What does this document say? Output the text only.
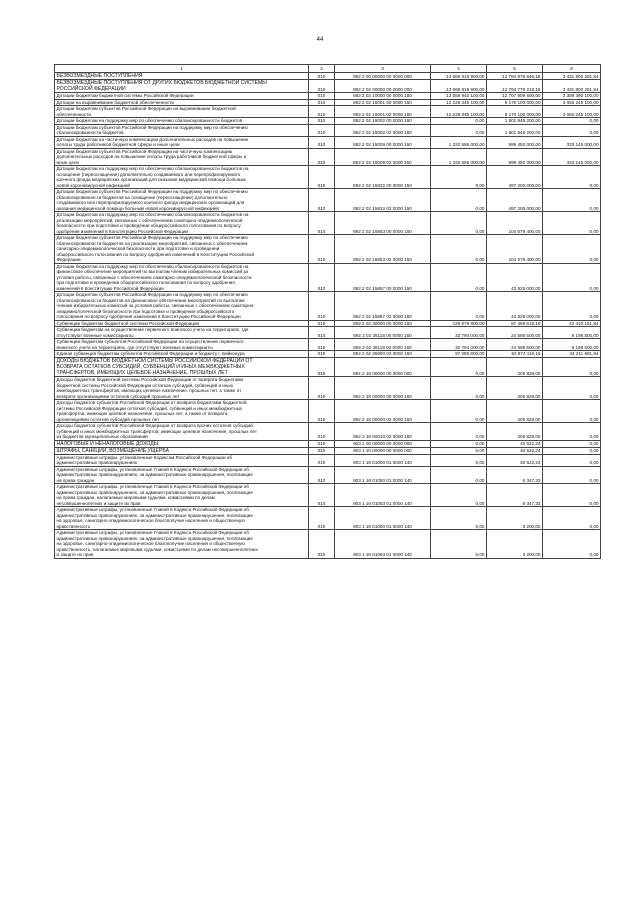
44
1	2	3	4	5	6
БЕЗВОЗМЕЗДНЫЕ ПОСТУПЛЕНИЯ	010	892 2 00 00000 00 0000 000	13 668 819 900,00	12 784 976 946,18	3 431 800 281,84
БЕЗВОЗМЕЗДНЫЕ ПОСТУПЛЕНИЯ ОТ ДРУГИХ БЮДЖЕТОВ БЮДЖЕТНОЙ СИСТЕМЫ
РОССИЙСКОЙ ФЕДЕРАЦИИ	010	892 2 02 00000 00 0000 000	13 668 819 900,00	12 794 770 218,18	3 431 800 281,84
Дотации бюджетам бюджетной системы Российской Федерации	010	892 2 02 10000 00 0000 150	13 558 940 100,00	12 707 909 600,00	3 389 390 100,00
Дотации на выравнивание бюджетной обеспеченности	010	892 2 02 15001 00 0000 150	12 226 345 100,00	9 170 100 000,00	3 056 245 100,00
Дотации бюджетам субъектов Российской Федерации на выравнивание бюджетной
обеспеченности	010	892 2 02 15001 02 0000 150	12 226 345 100,00	9 170 100 000,00	3 056 245 100,00
Дотации бюджетам на поддержку мер по обеспечению сбалансированности бюджетов	010	892 2 02 15002 00 0000 150	0,00	1 901 946 200,00	0,00
Дотации бюджетам субъектов Российской Федерации на поддержку мер по обеспечению
сбалансированности бюджетов	010	892 2 02 15002 02 0000 150	0,00	1 901 946 200,00	0,00
Дотации бюджетам на частичную компенсацию дополнительных расходов на повышение
оплаты труда работников бюджетной сферы и иные цели	010	892 2 02 15009 00 0000 150	1 332 595 000,00	999 450 000,00	333 145 000,00
Дотации бюджетам субъектов Российской Федерации на частичную компенсацию
дополнительных расходов на повышение оплаты труда работников бюджетной сферы и
иные цели	010	892 2 02 15009 02 0000 150	1 332 595 000,00	999 450 000,00	333 145 000,00
Дотации бюджетам на поддержку мер по обеспечению сбалансированности бюджетов на
оснащение (переоснащение) дополнительно создаваемого или перепрофилируемого
коечного фонда медицинских организаций для оказания медицинской помощи больным
новой коронавирусной инфекцией	010	892 2 02 15832 00 0000 150	0,00	497 200 000,00	0,00
Дотации бюджетам субъектов Российской Федерации на поддержку мер по обеспечению
сбалансированности бюджетов на оснащение (переоснащение) дополнительно
создаваемого или перепрофилируемого коечного фонда медицинских организаций для
оказания медицинской помощи больным новой коронавирусной инфекцией	010	892 2 02 15832 02 0000 150	0,00	497 200 000,00	0,00
Дотации бюджетам на поддержку мер по обеспечению сбалансированности бюджетов на
реализацию мероприятий, связанных с обеспечением санитарно-эпидемиологической
безопасности при подготовке и проведении общероссийского голосования по вопросу
одобрения изменений в Конституцию Российской Федерации	010	892 2 02 15853 00 0000 150	0,00	104 679 400,00	0,00
Дотации бюджетам субъектов Российской Федерации на поддержку мер по обеспечению
сбалансированности бюджетов на реализацию мероприятий, связанных с обеспечением
санитарно-эпидемиологической безопасности при подготовке и проведении
общероссийского голосования по вопросу одобрения изменений в Конституцию Российской
Федерации	010	892 2 02 15853 02 0000 150	0,00	104 679 400,00	0,00
Дотации бюджетам на поддержку мер по обеспечению сбалансированности бюджетов на
финансовое обеспечение мероприятий по выплатам членам избирательных комиссий за
условия работы, связанные с обеспечением санитарно-эпидемиологической безопасности
при подготовке и проведении общероссийского голосования по вопросу одобрения
изменений в Конституцию Российской Федерации	010	892 2 02 15857 00 0000 150	0,00	43 925 000,00	0,00
Дотации бюджетам субъектов Российской Федерации на поддержку мер по обеспечению
сбалансированности бюджетов на финансовое обеспечение мероприятий по выплатам
членам избирательных комиссий за условия работы, связанные с обеспечением санитарно-
эпидемиологической безопасности при подготовке и проведении общероссийского
голосования по вопросу одобрения изменений в Конституцию Российской Федерации	010	892 2 02 15857 02 0000 150	0,00	43 925 000,00	0,00
Субвенции бюджетам бюджетной системы Российской Федерации	010	892 2 02 30000 00 0000 150	129 879 800,00	87 469 618,16	42 410 181,84
Субвенции бюджетам на осуществление первичного воинского учета на территориях, где
отсутствуют военные комиссариаты	010	892 2 02 35118 00 0000 150	32 794 000,00	24 595 500,00	8 198 500,00
Субвенции бюджетам субъектов Российской Федерации на осуществление первичного
воинского учета на территориях, где отсутствуют военные комиссариаты	010	892 2 02 35118 02 0000 150	32 794 000,00	24 595 500,00	8 198 500,00
Единая субвенция бюджетам субъектов Российской Федерации и бюджету г. Байконура	010	892 2 02 35900 02 0000 150	97 085 800,00	62 874 118,16	34 211 681,84
ДОХОДЫ БЮДЖЕТОВ БЮДЖЕТНОЙ СИСТЕМЫ РОССИЙСКОЙ ФЕДЕРАЦИИ ОТ
ВОЗВРАТА ОСТАТКОВ СУБСИДИЙ, СУБВЕНЦИЙ И ИНЫХ МЕЖБЮДЖЕТНЫХ
ТРАНСФЕРТОВ, ИМЕЮЩИХ ЦЕЛЕВОЕ НАЗНАЧЕНИЕ, ПРОШЛЫХ ЛЕТ	010	892 2 18 00000 00 0000 000	0,00	205 828,00	0,00
Доходы бюджетов бюджетной системы Российской Федерации от возврата бюджетами
бюджетной системы Российской Федерации остатков субсидий, субвенций и иных
межбюджетных трансфертов, имеющих целевое назначение, прошлых лет, а также от
возврата организациями остатков субсидий прошлых лет	010	892 2 18 00000 00 0000 150	0,00	205 828,00	0,00
Доходы бюджетов субъектов Российской Федерации от возврата бюджетами бюджетной
системы Российской Федерации остатков субсидий, субвенций и иных межбюджетных
трансфертов, имеющих целевое назначение, прошлых лет, а также от возврата
организациями остатков субсидий прошлых лет	010	892 2 18 00000 02 0000 150	0,00	205 828,00	0,00
Доходы бюджетов субъектов Российской Федерации от возврата прочих остатков субсидий,
субвенций и иных межбюджетных трансфертов, имеющих целевое назначение, прошлых лет
из бюджетов муниципальных образований	010	892 2 18 60010 02 0000 150	0,00	205 828,00	0,00
НАЛОГОВЫЕ И НЕНАЛОГОВЫЕ ДОХОДЫ	010	903 1 00 00000 00 0000 000	0,00	40 522,24	0,00
ШТРАФЫ, САНКЦИИ, ВОЗМЕЩЕНИЕ УЩЕРБА	010	903 1 16 00000 00 0000 000	0,00	40 522,24	0,00
Административные штрафы, установленные Кодексом Российской Федерации об
административных правонарушениях	010	903 1 16 01000 01 0000 140	0,00	40 522,24	0,00
Административные штрафы, установленные Главой 5 Кодекса Российской Федерации об
административных правонарушениях, за административные правонарушения, посягающие
на права граждан	010	903 1 16 01050 01 0000 140	0,00	6 347,33	0,00
Административные штрафы, установленные Главой 5 Кодекса Российской Федерации об
административных правонарушениях, за административные правонарушения, посягающие
на права граждан, налагаемые мировыми судьями, комиссиями по делам
несовершеннолетних и защите их прав	010	903 1 16 01053 01 0000 140	0,00	6 347,33	0,00
Административные штрафы, установленные Главой 6 Кодекса Российской Федерации об
административных правонарушениях, за административные правонарушения, посягающие
на здоровье, санитарно-эпидемиологическое благополучие населения и общественную
нравственность	010	903 1 16 01060 01 0000 140	0,00	3 200,00	0,00
Административные штрафы, установленные Главой 6 Кодекса Российской Федерации об
административных правонарушениях, за административные правонарушения, посягающие
на здоровье, санитарно-эпидемиологическое благополучие населения и общественную
нравственность, налагаемые мировыми судьями, комиссиями по делам несовершеннолетних
и защите их прав	010	903 1 16 01063 01 0000 140	0,00	3 200,00	0,00
